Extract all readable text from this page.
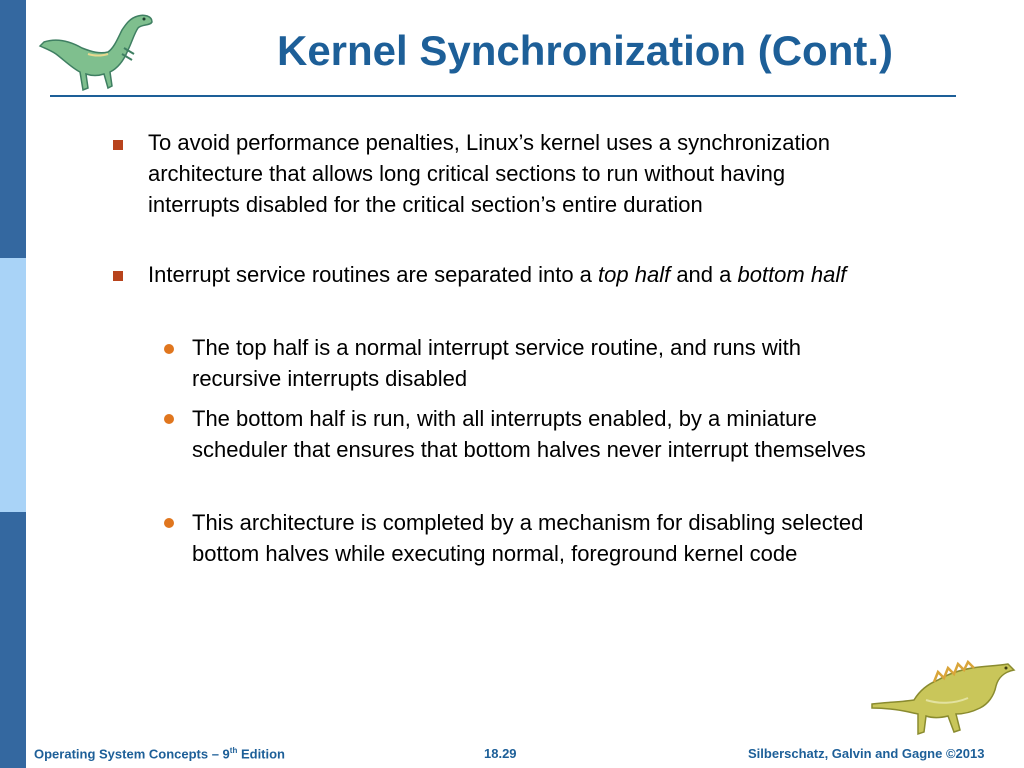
Kernel Synchronization (Cont.)
To avoid performance penalties, Linux’s kernel uses a synchronization architecture that allows long critical sections to run without having interrupts disabled for the critical section’s entire duration
Interrupt service routines are separated into a top half and a bottom half
The top half is a normal interrupt service routine, and runs with recursive interrupts disabled
The bottom half is run, with all interrupts enabled, by a miniature scheduler that ensures that bottom halves never interrupt themselves
This architecture is completed by a mechanism for disabling selected bottom halves while executing normal, foreground kernel code
Operating System Concepts – 9th Edition	18.29	Silberschatz, Galvin and Gagne ©2013
